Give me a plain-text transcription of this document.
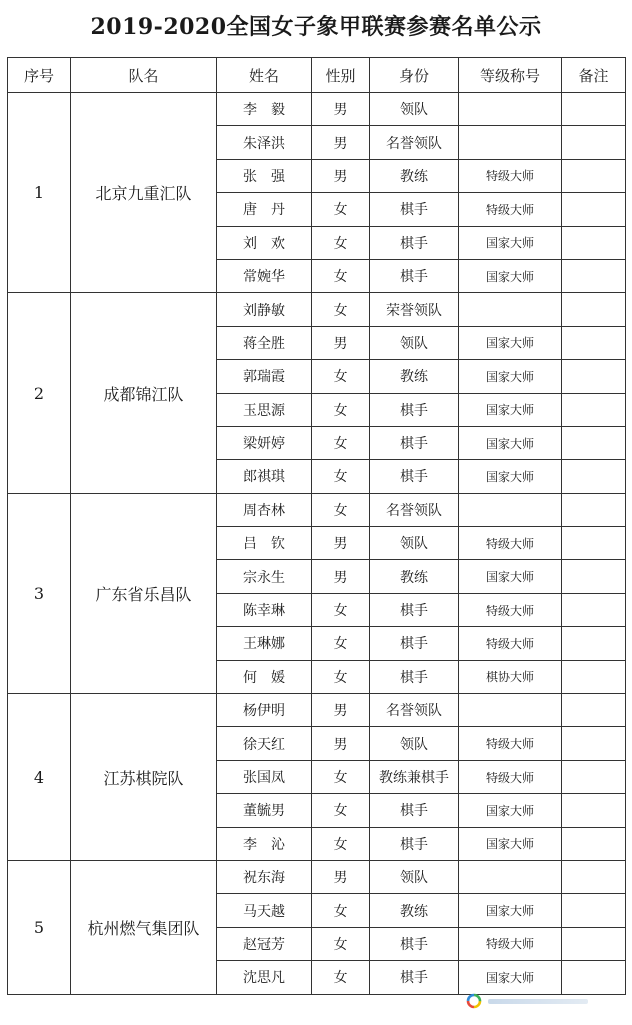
2019-2020全国女子象甲联赛参赛名单公示
序号	队名	姓名	性别	身份	等级称号	备注
1	北京九重汇队	李　毅	男	领队		
		朱泽洪	男	名誉领队		
		张　强	男	教练	特级大师	
		唐　丹	女	棋手	特级大师	
		刘　欢	女	棋手	国家大师	
		常婉华	女	棋手	国家大师	
2	成都锦江队	刘静敏	女	荣誉领队		
		蒋全胜	男	领队	国家大师	
		郭瑞霞	女	教练	国家大师	
		玉思源	女	棋手	国家大师	
		梁妍婷	女	棋手	国家大师	
		郎祺琪	女	棋手	国家大师	
3	广东省乐昌队	周杏林	女	名誉领队		
		吕　钦	男	领队	特级大师	
		宗永生	男	教练	国家大师	
		陈幸琳	女	棋手	特级大师	
		王琳娜	女	棋手	特级大师	
		何　媛	女	棋手	棋协大师	
4	江苏棋院队	杨伊明	男	名誉领队		
		徐天红	男	领队	特级大师	
		张国凤	女	教练兼棋手	特级大师	
		董毓男	女	棋手	国家大师	
		李　沁	女	棋手	国家大师	
5	杭州燃气集团队	祝东海	男	领队		
		马天越	女	教练	国家大师	
		赵冠芳	女	棋手	特级大师	
		沈思凡	女	棋手	国家大师	
